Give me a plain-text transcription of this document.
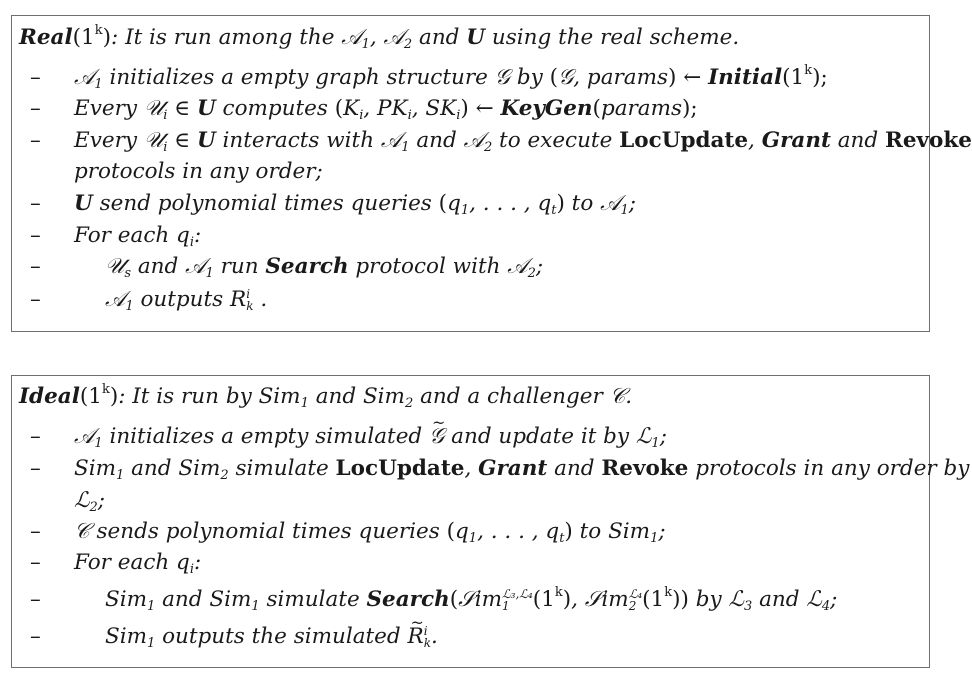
Real(1$^k$): It is run among the 𝒜$_1$, 𝒜$_2$ and U using the real scheme.
– 𝒜$_1$ initializes a empty graph structure 𝒢 by (𝒢, params) ← Initial(1$^k$);
– Every 𝒰$_i$ ∈ U computes ($K_i$, $PK_i$, $SK_i$) ← KeyGen(params);
– Every 𝒰$_i$ ∈ U interacts with 𝒜$_1$ and 𝒜$_2$ to execute LocUpdate, Grant and Revoke
protocols in any order;
– U send polynomial times queries ($q_1$, . . . , $q_t$) to 𝒜$_1$;
– For each $q_i$:
–	𝒰$_s$ and 𝒜$_1$ run Search protocol with 𝒜$_2$;
–	𝒜$_1$ outputs R i
k .
Ideal(1$^k$): It is run by Sim$_1$ and Sim$_2$ and a challenger 𝒞.
– 𝒜$_1$ initializes a empty simulated ~ 𝒢 and update it by ℒ$_1$;
– Sim$_1$ and Sim$_2$ simulate LocUpdate, Grant and Revoke protocols in any order by
ℒ$_2$;
– 𝒞 sends polynomial times queries ($q_1$, . . . , $q_t$) to Sim$_1$;
– For each $q_i$:
–	Sim$_1$ and Sim$_1$ simulate Search(𝒮im ℒ₃,ℒ₄
1	(1$^k$), 𝒮im ℒ₄
2 (1$^k$)) by ℒ$_3$ and ℒ$_4$;
–	Sim$_1$ outputs the simulated ~ R i
k .
